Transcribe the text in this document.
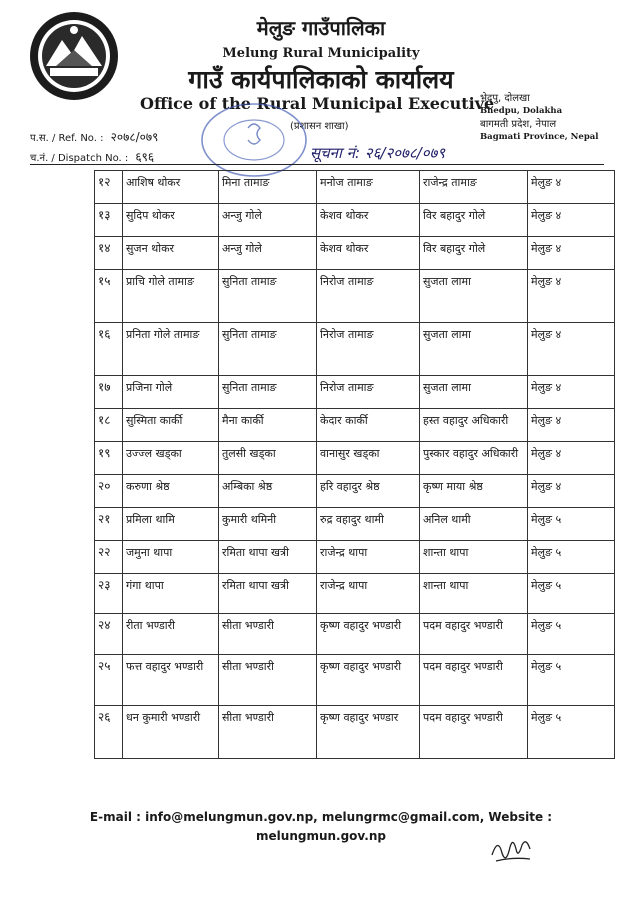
मेलुङ गाउँपालिका
Melung Rural Municipality
गाउँ कार्यपालिकाको कार्यालय
Office of the Rural Municipal Executive
(प्रशासन शाखा)
भेद्पु, दोलखा
Bhedpu, Dolakha
बागमती प्रदेश, नेपाल
Bagmati Province, Nepal
प.स. / Ref. No. : २०७८/०७९
च.नं. / Dispatch No. : ६९६	सूचना नं: २६/२०७८/०७९
१२	आशिष थोकर	मिना तामाङ	मनोज तामाङ	राजेन्द्र तामाङ	मेलुङ ४
१३	सुदिप थोकर	अन्जु गोले	केशव थोकर	विर बहादुर गोले	मेलुङ ४
१४	सुजन थोकर	अन्जु गोले	केशव थोकर	विर बहादुर गोले	मेलुङ ४
१५	प्राचि गोले तामाङ	सुनिता तामाङ	निरोज तामाङ	सुजता लामा	मेलुङ ४
१६	प्रनिता गोले तामाङ	सुनिता तामाङ	निरोज तामाङ	सुजता लामा	मेलुङ ४
१७	प्रजिना गोले	सुनिता तामाङ	निरोज तामाङ	सुजता लामा	मेलुङ ४
१८	सुस्मिता कार्की	मैना कार्की	केदार कार्की	हस्त वहादुर अधिकारी	मेलुङ ४
१९	उज्ज्ल खड्का	तुलसी खड्का	वानासुर खड्का	पुस्कार वहादुर अधिकारी	मेलुङ ४
२०	करुणा श्रेष्ठ	अम्बिका श्रेष्ठ	हरि वहादुर श्रेष्ठ	कृष्ण माया श्रेष्ठ	मेलुङ ४
२१	प्रमिला थामि	कुमारी थमिनी	रुद्र वहादुर थामी	अनिल थामी	मेलुङ ५
२२	जमुना थापा	रमिता थापा खत्री	राजेन्द्र थापा	शान्ता थापा	मेलुङ ५
२३	गंगा थापा	रमिता थापा खत्री	राजेन्द्र थापा	शान्ता थापा	मेलुङ ५
२४	रीता भण्डारी	सीता भण्डारी	कृष्ण वहादुर भण्डारी	पदम वहादुर भण्डारी	मेलुङ ५
२५	फत्त वहादुर भण्डारी	सीता भण्डारी	कृष्ण वहादुर भण्डारी	पदम वहादुर भण्डारी	मेलुङ ५
२६	धन कुमारी भण्डारी	सीता भण्डारी	कृष्ण वहादुर भण्डार	पदम वहादुर भण्डारी	मेलुङ ५
E-mail : info@melungmun.gov.np, melungrmc@gmail.com, Website :
melungmun.gov.np
